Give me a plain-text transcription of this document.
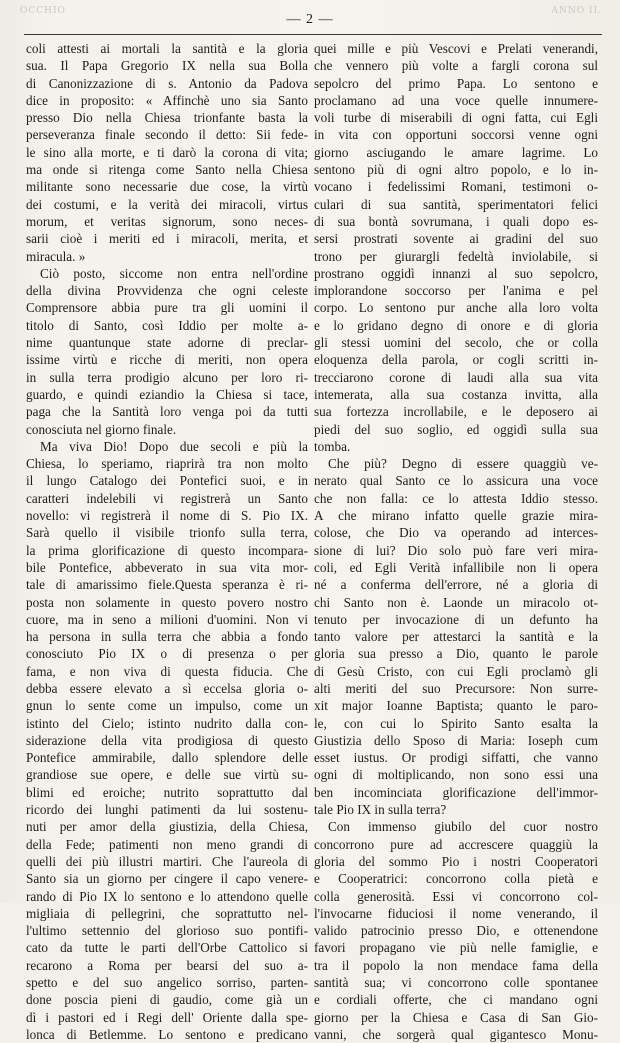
OCCHIO	ANNO II.
— 2 —
coli attesti ai mortali la santità e la gloria
sua. Il Papa Gregorio IX nella sua Bolla
di Canonizzazione di s. Antonio da Padova
dice in proposito: « Affinchè uno sia Santo
presso Dio nella Chiesa trionfante basta la
perseveranza finale secondo il detto: Sii fede-
le sino alla morte, e ti darò la corona di vita;
ma onde si ritenga come Santo nella Chiesa
militante sono necessarie due cose, la virtù
dei costumi, e la verità dei miracoli, virtus
morum, et veritas signorum, sono neces-
sarii cioè i meriti ed i miracoli, merita, et
miracula. »
Ciò posto, siccome non entra nell'ordine
della divina Provvidenza che ogni celeste
Comprensore abbia pure tra gli uomini il
titolo di Santo, così Iddio per molte a-
nime quantunque state adorne di preclar-
issime virtù e ricche di meriti, non opera
in sulla terra prodigio alcuno per loro ri-
guardo, e quindi eziandio la Chiesa si tace,
paga che la Santità loro venga poi da tutti
conosciuta nel giorno finale.
Ma viva Dio! Dopo due secoli e più la
Chiesa, lo speriamo, riaprirà tra non molto
il lungo Catalogo dei Pontefici suoi, e in
caratteri indelebili vi registrerà un Santo
novello: vi registrerà il nome di S. Pio IX.
Sarà quello il visibile trionfo sulla terra,
la prima glorificazione di questo incompara-
bile Pontefice, abbeverato in sua vita mor-
tale di amarissimo fiele.Questa speranza è ri-
posta non solamente in questo povero nostro
cuore, ma in seno a milioni d'uomini. Non vi
ha persona in sulla terra che abbia a fondo
conosciuto Pio IX o di presenza o per
fama, e non viva di questa fiducia. Che
debba essere elevato a sì eccelsa gloria o-
gnun lo sente come un impulso, come un
istinto del Cielo; istinto nudrito dalla con-
siderazione della vita prodigiosa di questo
Pontefice ammirabile, dallo splendore delle
grandiose sue opere, e delle sue virtù su-
blimi ed eroiche; nutrito soprattutto dal
ricordo dei lunghi patimenti da lui sostenu-
nuti per amor della giustizia, della Chiesa,
della Fede; patimenti non meno grandi di
quelli dei più illustri martiri. Che l'aureola di
Santo sia un giorno per cingere il capo venere-
rando di Pio IX lo sentono e lo attendono quelle
migliaia di pellegrini, che soprattutto nel-
l'ultimo settennio del glorioso suo pontifi-
cato da tutte le parti dell'Orbe Cattolico si
recarono a Roma per bearsi del suo a-
spetto e del suo angelico sorriso, parten-
done poscia pieni di gaudio, come già un
dì i pastori ed i Regi dell' Oriente dalla spe-
lonca di Betlemme. Lo sentono e predicano
quei mille e più Vescovi e Prelati venerandi,
che vennero più volte a fargli corona sul
sepolcro del primo Papa. Lo sentono e
proclamano ad una voce quelle innumere-
voli turbe di miserabili di ogni fatta, cui Egli
in vita con opportuni soccorsi venne ogni
giorno asciugando le amare lagrime. Lo
sentono più di ogni altro popolo, e lo in-
vocano i fedelissimi Romani, testimoni o-
culari di sua santità, sperimentatori felici
di sua bontà sovrumana, i quali dopo es-
sersi prostrati sovente ai gradini del suo
trono per giurargli fedeltà inviolabile, si
prostrano oggidì innanzi al suo sepolcro,
implorandone soccorso per l'anima e pel
corpo. Lo sentono pur anche alla loro volta
e lo gridano degno di onore e di gloria
gli stessi uomini del secolo, che or colla
eloquenza della parola, or cogli scritti in-
trecciarono corone di laudi alla sua vita
intemerata, alla sua costanza invitta, alla
sua fortezza incrollabile, e le deposero ai
piedi del suo soglio, ed oggidì sulla sua
tomba.
Che più? Degno di essere quaggiù ve-
nerato qual Santo ce lo assicura una voce
che non falla: ce lo attesta Iddio stesso.
A che mirano infatto quelle grazie mira-
colose, che Dio va operando ad interces-
sione di lui? Dio solo può fare veri mira-
coli, ed Egli Verità infallibile non li opera
né a conferma dell'errore, né a gloria di
chi Santo non è. Laonde un miracolo ot-
tenuto per invocazione di un defunto ha
tanto valore per attestarci la santità e la
gloria sua presso a Dio, quanto le parole
di Gesù Cristo, con cui Egli proclamò gli
alti meriti del suo Precursore: Non surre-
xit major Ioanne Baptista; quanto le paro-
le, con cui lo Spirito Santo esalta la
Giustizia dello Sposo di Maria: Ioseph cum
esset iustus. Or prodigi siffatti, che vanno
ogni di moltiplicando, non sono essi una
ben incominciata glorificazione dell'immor-
tale Pio IX in sulla terra?
Con immenso giubilo del cuor nostro
concorrono pure ad accrescere quaggiù la
gloria del sommo Pio i nostri Cooperatori
e Cooperatrici: concorrono colla pietà e
colla generosità. Essi vi concorrono col-
l'invocarne fiduciosi il nome venerando, il
valido patrocinio presso Dio, e ottenendone
favori propagano vie più nelle famiglie, e
tra il popolo la non mendace fama della
santità sua; vi concorrono colle spontanee
e cordiali offerte, che ci mandano ogni
giorno per la Chiesa e Casa di San Gio-
vanni, che sorgerà qual gigantesco Monu-
